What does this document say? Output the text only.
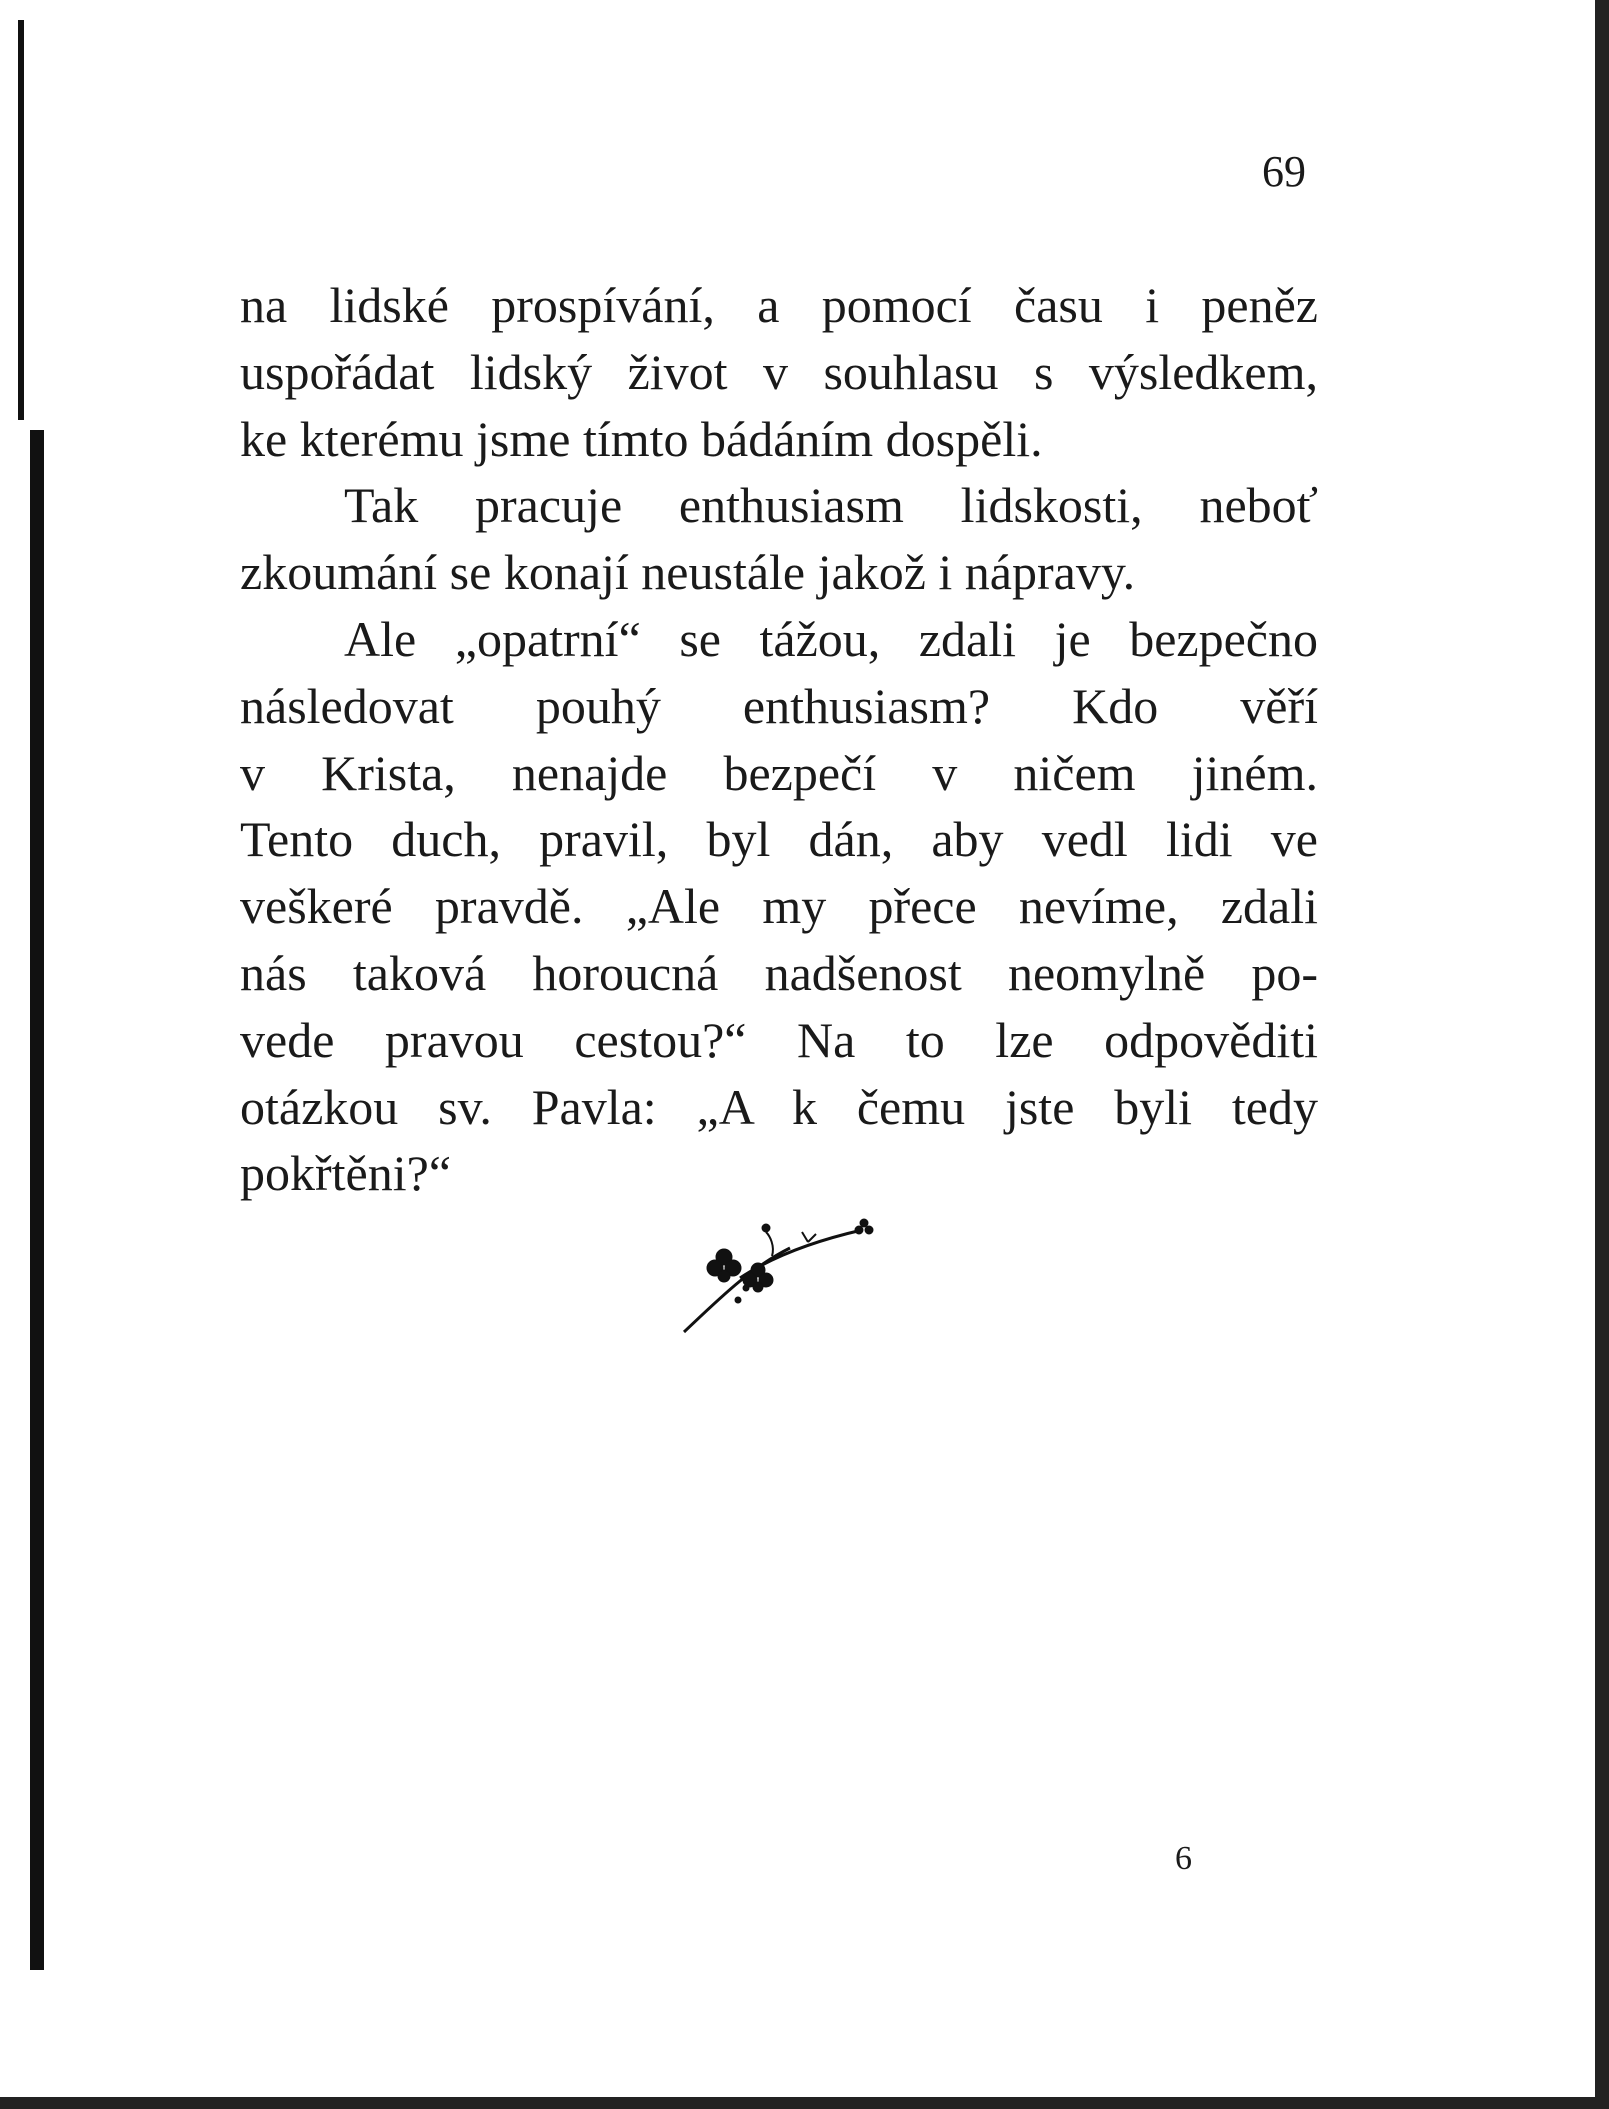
69
na lidské prospívání, a pomocí času i peněz
uspořádat lidský život v souhlasu s výsledkem,
ke kterému jsme tímto bádáním dospěli.
Tak pracuje enthusiasm lidskosti, neboť
zkoumání se konají neustále jakož i nápravy.
Ale „opatrní“ se tážou, zdali je bezpečno
následovat pouhý enthusiasm? Kdo věří
v Krista, nenajde bezpečí v ničem jiném.
Tento duch, pravil, byl dán, aby vedl lidi ve
veškeré pravdě. „Ale my přece nevíme, zdali
nás taková horoucná nadšenost neomylně po-
vede pravou cestou?“ Na to lze odpověditi
otázkou sv. Pavla: „A k čemu jste byli tedy
pokřtěni?“
6
